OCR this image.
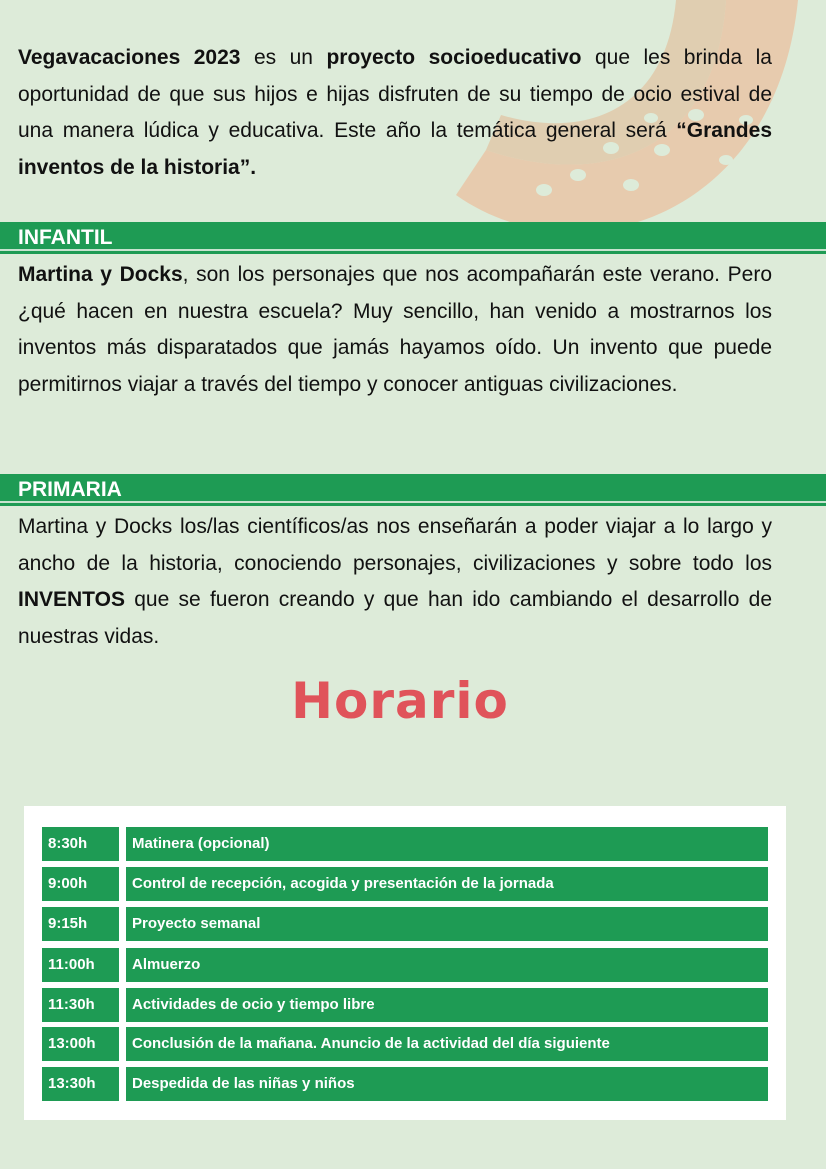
Vegavacaciones 2023 es un proyecto socioeducativo que les brinda la oportunidad de que sus hijos e hijas disfruten de su tiempo de ocio estival de una manera lúdica y educativa. Este año la temática general será “Grandes inventos de la historia”.

INFANTIL

Martina y Docks, son los personajes que nos acompañarán este verano. Pero ¿qué hacen en nuestra escuela? Muy sencillo, han venido a mostrarnos los inventos más disparatados que jamás hayamos oído. Un invento que puede permitirnos viajar a través del tiempo y conocer antiguas civilizaciones.

PRIMARIA

Martina y Docks los/las científicos/as nos enseñarán a poder viajar a lo largo y ancho de la historia, conociendo personajes, civilizaciones y sobre todo los INVENTOS que se fueron creando y que han ido cambiando el desarrollo de nuestras vidas.

Horario
8:30h	Matinera (opcional)
9:00h	Control de recepción, acogida y presentación de la jornada
9:15h	Proyecto semanal
11:00h	Almuerzo
11:30h	Actividades de ocio y tiempo libre
13:00h	Conclusión de la mañana. Anuncio de la actividad del día siguiente
13:30h	Despedida de las niñas y niños
